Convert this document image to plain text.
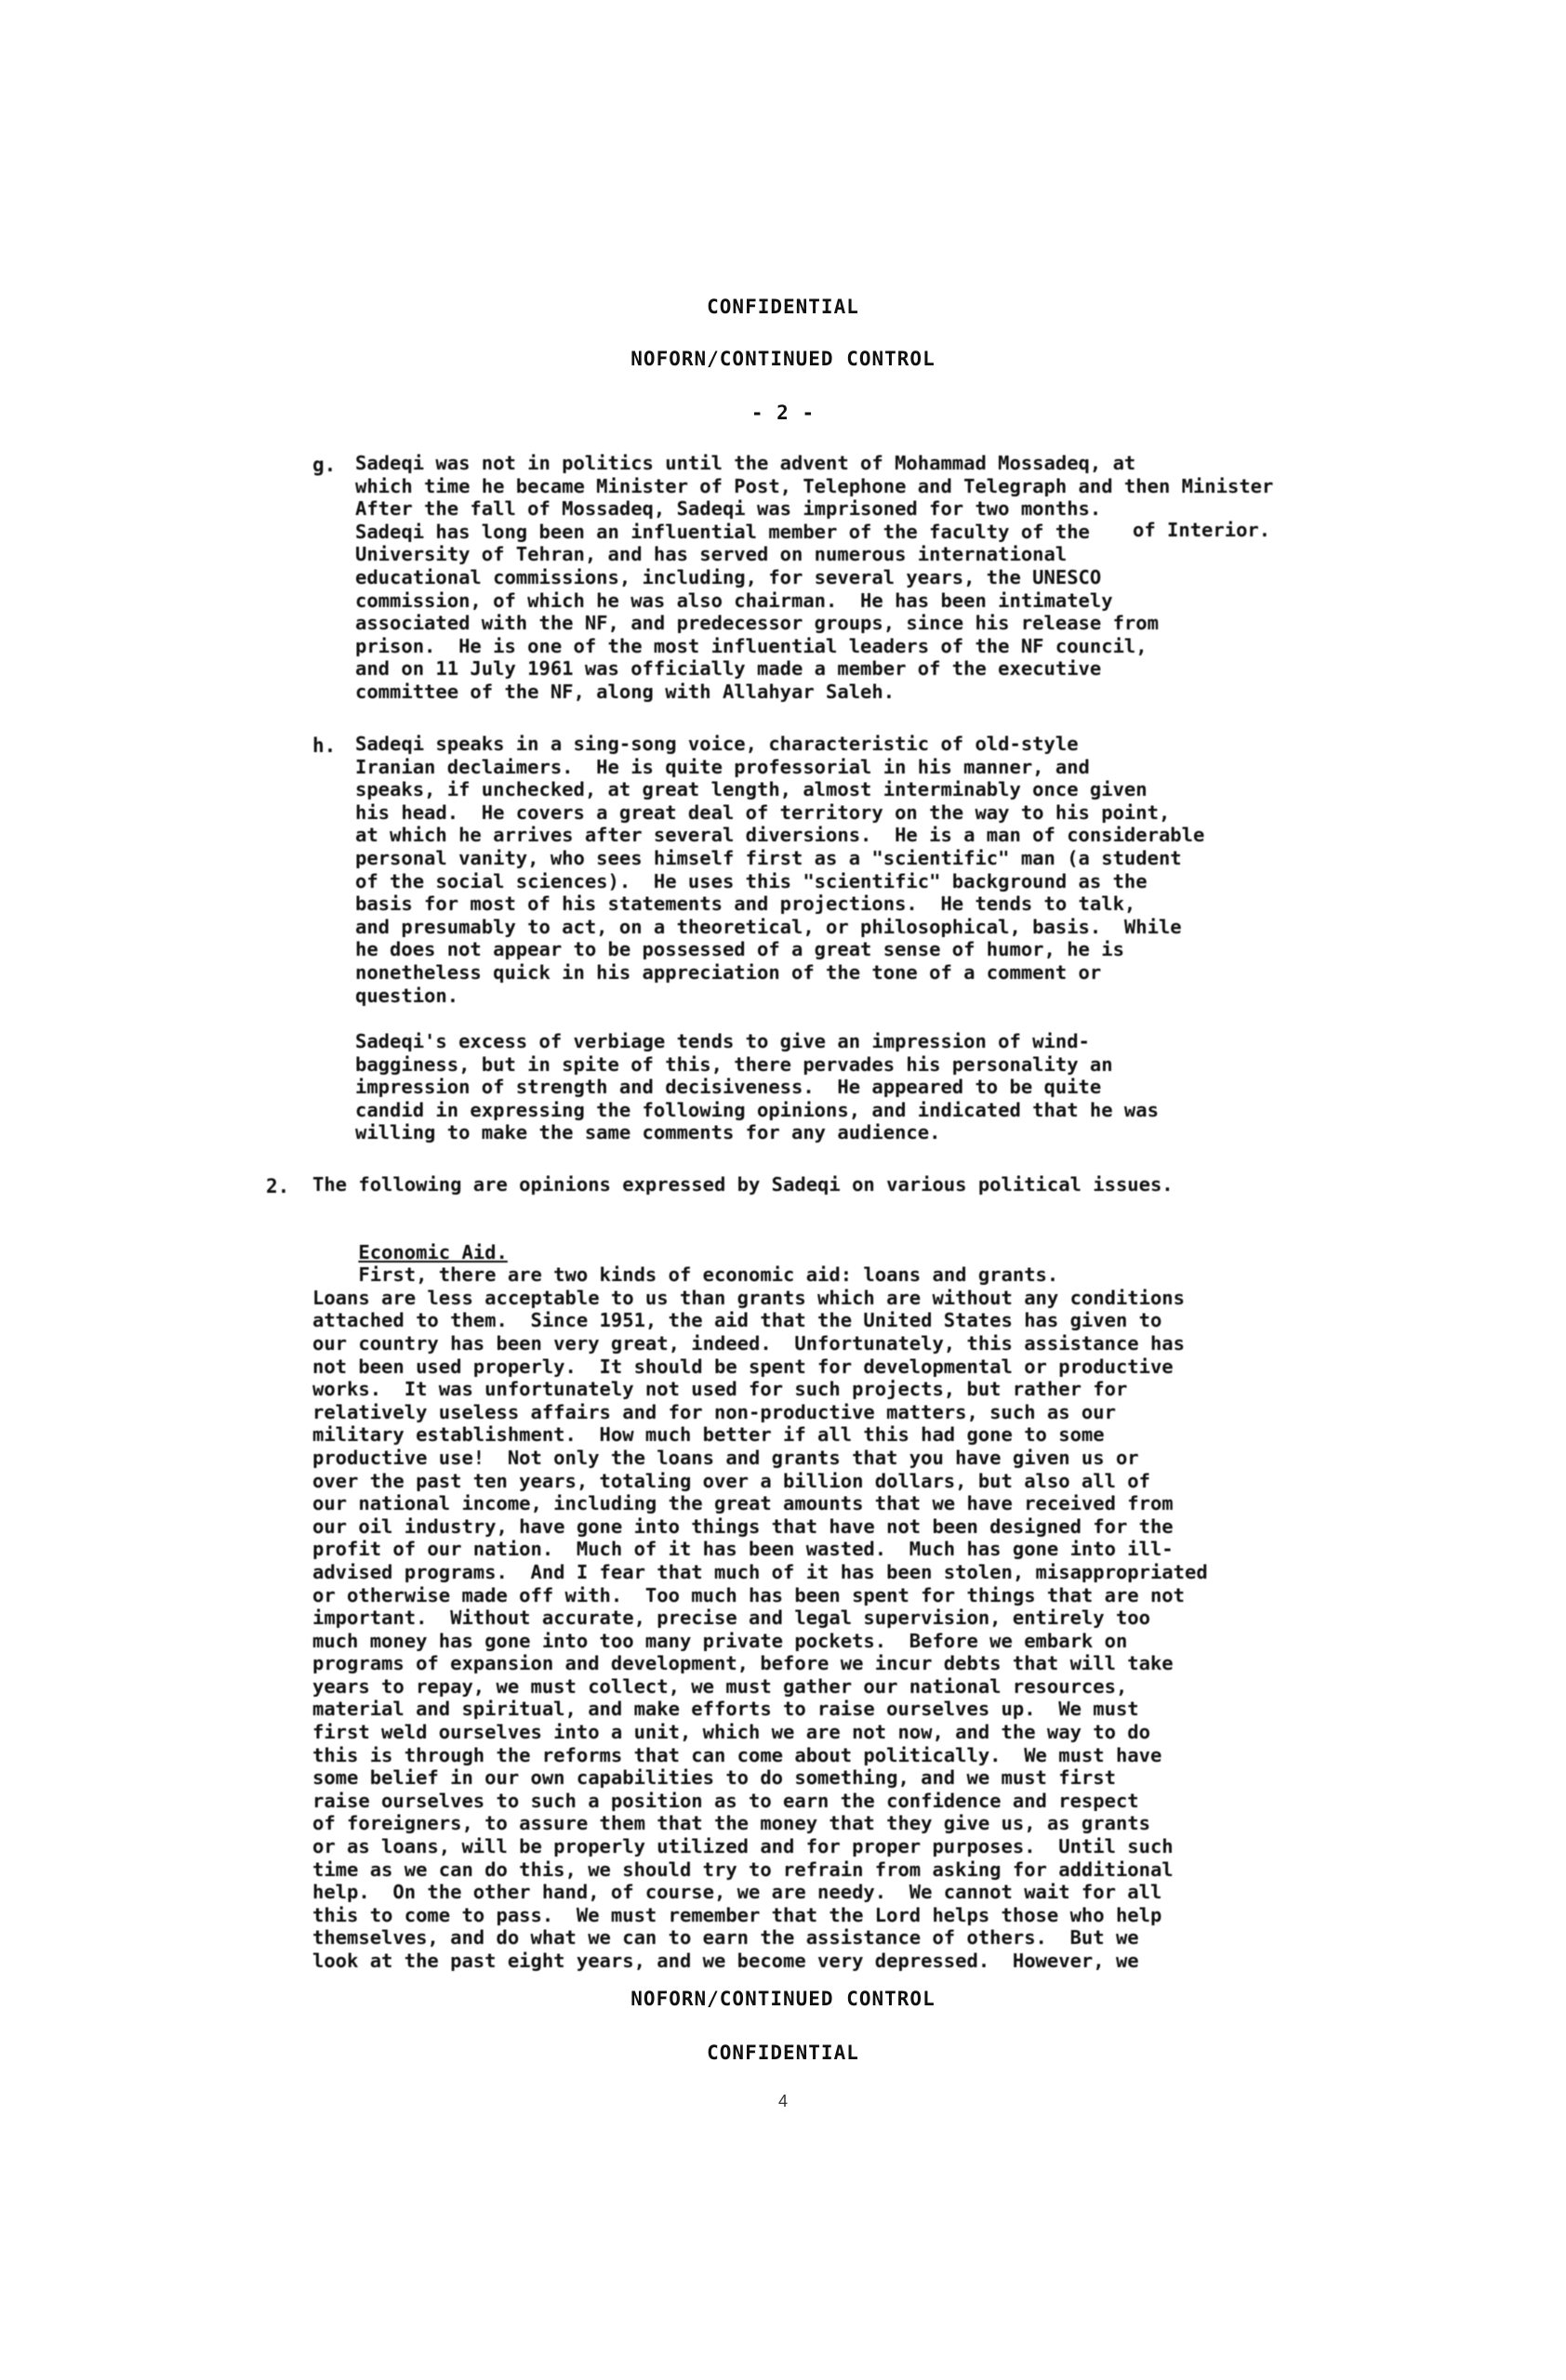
CONFIDENTIAL
NOFORN/CONTINUED CONTROL
- 2 -
g. Sadeqi was not in politics until the advent of Mohammad Mossadeq, at
which time he became Minister of Post, Telephone and Telegraph and then Minister
After the fall of Mossadeq, Sadeqi was imprisoned for two months.
Sadeqi has long been an influential member of the faculty of the
University of Tehran, and has served on numerous international
educational commissions, including, for several years, the UNESCO
commission, of which he was also chairman.  He has been intimately
associated with the NF, and predecessor groups, since his release from
prison.  He is one of the most influential leaders of the NF council,
and on 11 July 1961 was officially made a member of the executive
committee of the NF, along with Allahyar Saleh.
of Interior.
h. Sadeqi speaks in a sing-song voice, characteristic of old-style
Iranian declaimers.  He is quite professorial in his manner, and
speaks, if unchecked, at great length, almost interminably once given
his head.  He covers a great deal of territory on the way to his point,
at which he arrives after several diversions.  He is a man of considerable
personal vanity, who sees himself first as a "scientific" man (a student
of the social sciences).  He uses this "scientific" background as the
basis for most of his statements and projections.  He tends to talk,
and presumably to act, on a theoretical, or philosophical, basis.  While
he does not appear to be possessed of a great sense of humor, he is
nonetheless quick in his appreciation of the tone of a comment or
question.
Sadeqi's excess of verbiage tends to give an impression of wind-
bagginess, but in spite of this, there pervades his personality an
impression of strength and decisiveness.  He appeared to be quite
candid in expressing the following opinions, and indicated that he was
willing to make the same comments for any audience.
2. The following are opinions expressed by Sadeqi on various political issues.

Economic Aid.
First, there are two kinds of economic aid: loans and grants.
Loans are less acceptable to us than grants which are without any conditions
attached to them.  Since 1951, the aid that the United States has given to
our country has been very great, indeed.  Unfortunately, this assistance has
not been used properly.  It should be spent for developmental or productive
works.  It was unfortunately not used for such projects, but rather for
relatively useless affairs and for non-productive matters, such as our
military establishment.  How much better if all this had gone to some
productive use!  Not only the loans and grants that you have given us or
over the past ten years, totaling over a billion dollars, but also all of
our national income, including the great amounts that we have received from
our oil industry, have gone into things that have not been designed for the
profit of our nation.  Much of it has been wasted.  Much has gone into ill-
advised programs.  And I fear that much of it has been stolen, misappropriated
or otherwise made off with.  Too much has been spent for things that are not
important.  Without accurate, precise and legal supervision, entirely too
much money has gone into too many private pockets.  Before we embark on
programs of expansion and development, before we incur debts that will take
years to repay, we must collect, we must gather our national resources,
material and spiritual, and make efforts to raise ourselves up.  We must
first weld ourselves into a unit, which we are not now, and the way to do
this is through the reforms that can come about politically.  We must have
some belief in our own capabilities to do something, and we must first
raise ourselves to such a position as to earn the confidence and respect
of foreigners, to assure them that the money that they give us, as grants
or as loans, will be properly utilized and for proper purposes.  Until such
time as we can do this, we should try to refrain from asking for additional
help.  On the other hand, of course, we are needy.  We cannot wait for all
this to come to pass.  We must remember that the Lord helps those who help
themselves, and do what we can to earn the assistance of others.  But we
look at the past eight years, and we become very depressed.  However, we
NOFORN/CONTINUED CONTROL
CONFIDENTIAL
4
